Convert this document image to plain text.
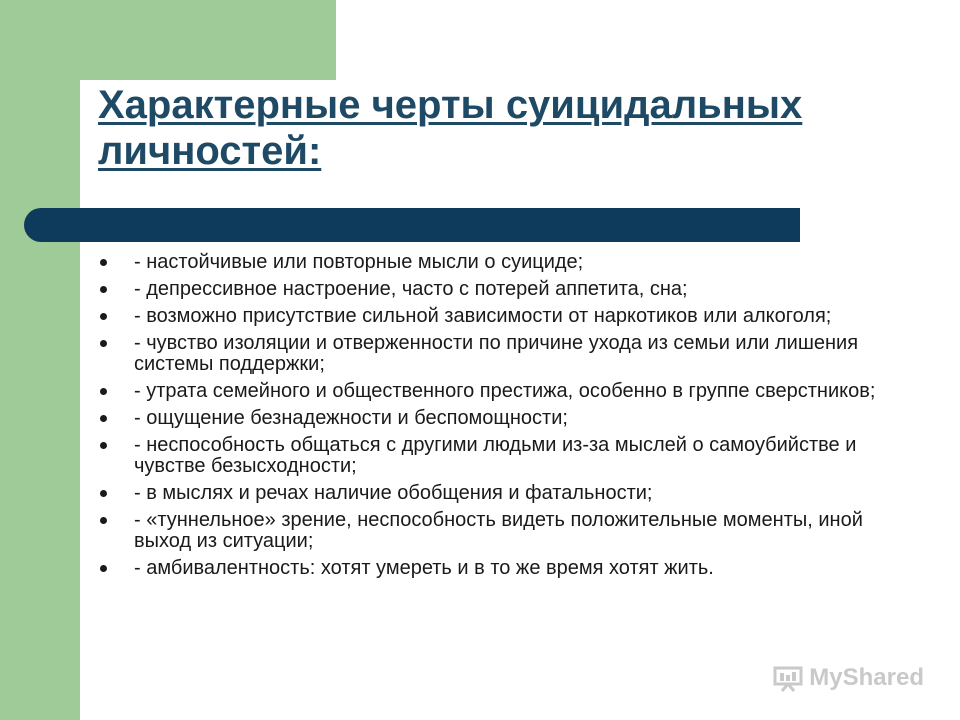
Характерные черты суицидальных
личностей:
- настойчивые или повторные мысли о суициде;
- депрессивное настроение, часто с потерей аппетита, сна;
- возможно присутствие сильной зависимости от наркотиков или алкоголя;
- чувство изоляции и отверженности по причине ухода из семьи или лишения системы поддержки;
- утрата семейного и общественного престижа, особенно в группе сверстников;
- ощущение безнадежности и беспомощности;
- неспособность общаться с другими людьми из-за мыслей о самоубийстве и чувстве безысходности;
- в мыслях и речах наличие обобщения и фатальности;
- «туннельное» зрение, неспособность видеть положительные моменты, иной выход из ситуации;
- амбивалентность: хотят умереть и в то же время хотят жить.
MyShared
